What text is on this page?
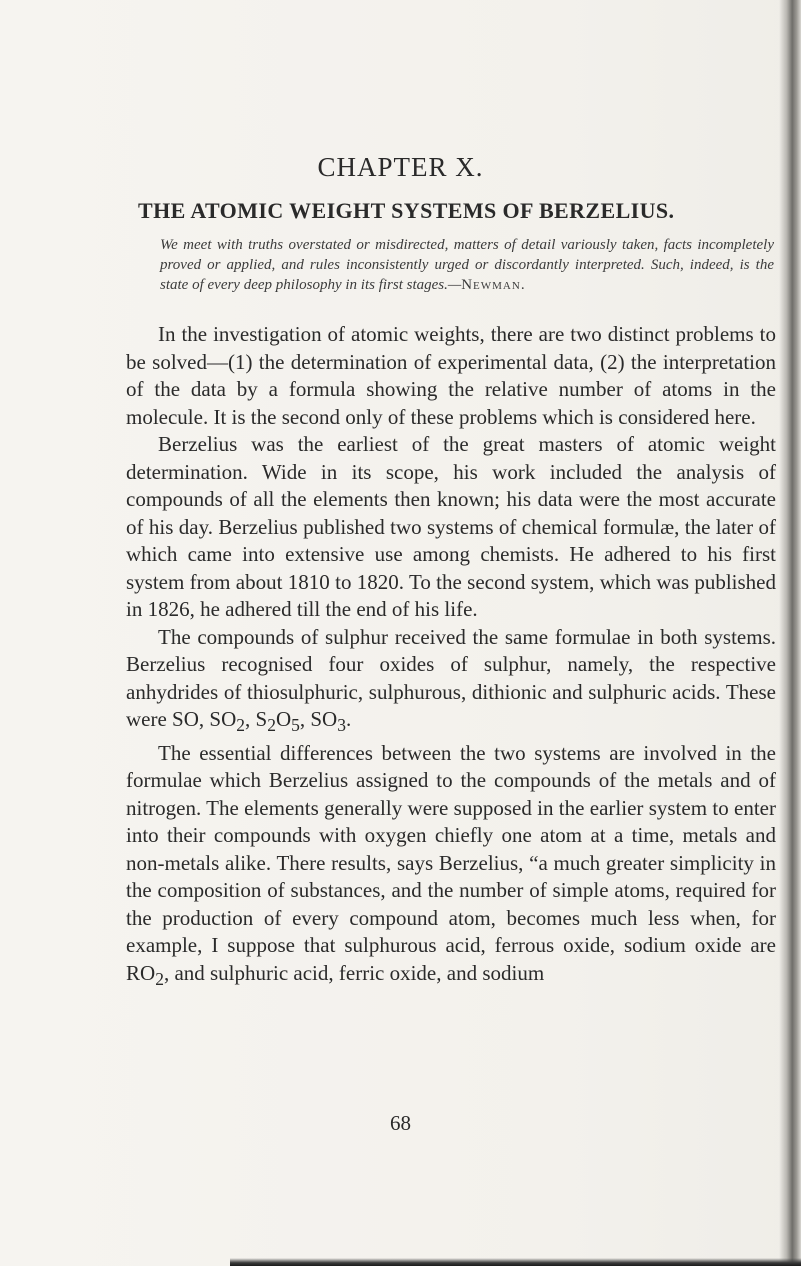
CHAPTER X.
THE ATOMIC WEIGHT SYSTEMS OF BERZELIUS.
We meet with truths overstated or misdirected, matters of detail variously taken, facts incompletely proved or applied, and rules inconsistently urged or discordantly interpreted. Such, indeed, is the state of every deep philosophy in its first stages.—Newman.

In the investigation of atomic weights, there are two distinct problems to be solved—(1) the determination of experimental data, (2) the interpretation of the data by a formula showing the relative number of atoms in the molecule. It is the second only of these problems which is considered here.

Berzelius was the earliest of the great masters of atomic weight determination. Wide in its scope, his work included the analysis of compounds of all the elements then known; his data were the most accurate of his day. Berzelius published two systems of chemical formulæ, the later of which came into extensive use among chemists. He adhered to his first system from about 1810 to 1820. To the second system, which was published in 1826, he adhered till the end of his life.

The compounds of sulphur received the same formulae in both systems. Berzelius recognised four oxides of sulphur, namely, the respective anhydrides of thiosulphuric, sulphurous, dithionic and sulphuric acids. These were SO, $SO_2$, $S_2O_5$, $SO_3$.

The essential differences between the two systems are involved in the formulae which Berzelius assigned to the compounds of the metals and of nitrogen. The elements generally were supposed in the earlier system to enter into their compounds with oxygen chiefly one atom at a time, metals and non-metals alike. There results, says Berzelius, “a much greater simplicity in the composition of substances, and the number of simple atoms, required for the production of every compound atom, becomes much less when, for example, I suppose that sulphurous acid, ferrous oxide, sodium oxide are $RO_2$, and sulphuric acid, ferric oxide, and sodium

68
